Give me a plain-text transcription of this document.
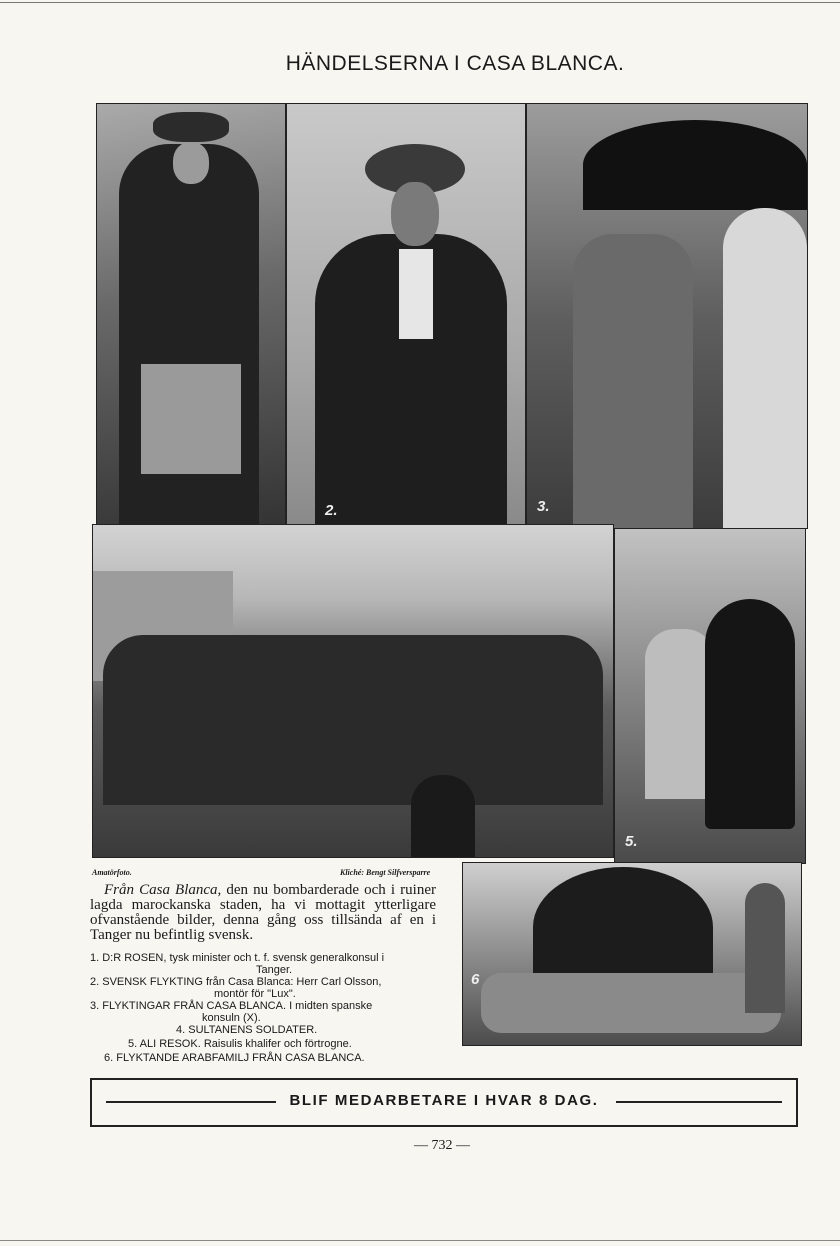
HÄNDELSERNA I CASA BLANCA.
2.	3.
5.
6
Amatörfoto.	Kliché: Bengt Silfversparre
Från Casa Blanca, den nu bombarderade och i ruiner lagda marockanska staden, ha vi mottagit ytterligare ofvanstående bilder, denna gång oss tillsända af en i Tanger nu befintlig svensk.
1. D:R ROSEN, tysk minister och t. f. svensk generalkonsul i
Tanger.
2. SVENSK FLYKTING från Casa Blanca: Herr Carl Olsson,
montör för "Lux".
3. FLYKTINGAR FRÅN CASA BLANCA. I midten spanske
konsuln (X).
4. SULTANENS SOLDATER.
5. ALI RESOK. Raisulis khalifer och förtrogne.
6. FLYKTANDE ARABFAMILJ FRÅN CASA BLANCA.
BLIF MEDARBETARE I HVAR 8 DAG.
— 732 —
